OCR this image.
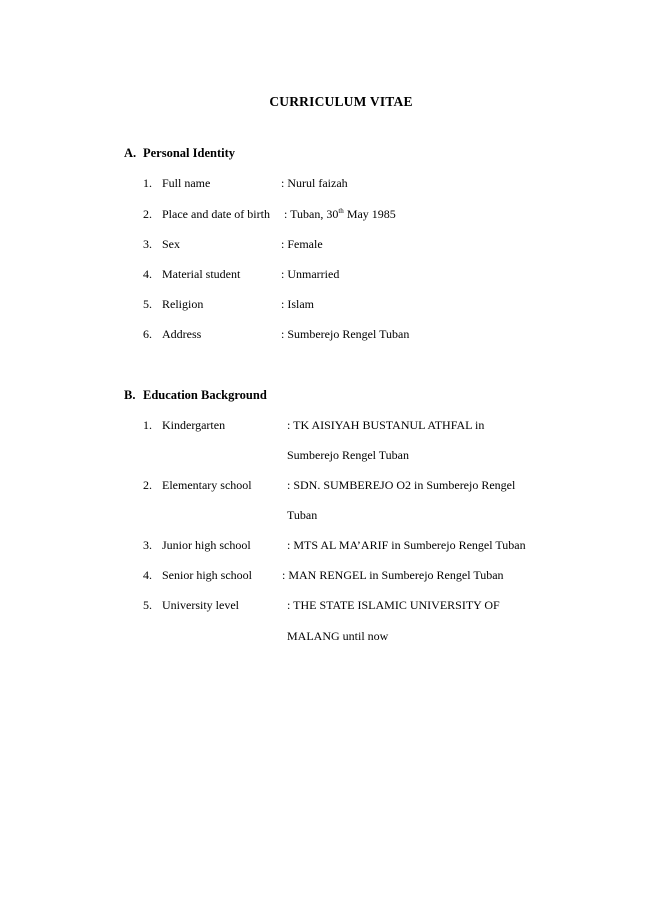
CURRICULUM VITAE
A. Personal Identity
1. Full name	: Nurul faizah
2. Place and date of birth : Tuban, 30th May 1985
3. Sex	: Female
4. Material student	: Unmarried
5. Religion	: Islam
6. Address	: Sumberejo Rengel Tuban
B. Education Background
1. Kindergarten	: TK AISIYAH BUSTANUL ATHFAL in
Sumberejo Rengel Tuban
2. Elementary school	: SDN. SUMBEREJO O2 in Sumberejo Rengel
Tuban
3. Junior high school	: MTS AL MA’ARIF in Sumberejo Rengel Tuban
4. Senior high school	: MAN RENGEL in Sumberejo Rengel Tuban
5. University level	: THE STATE ISLAMIC UNIVERSITY OF
MALANG until now
